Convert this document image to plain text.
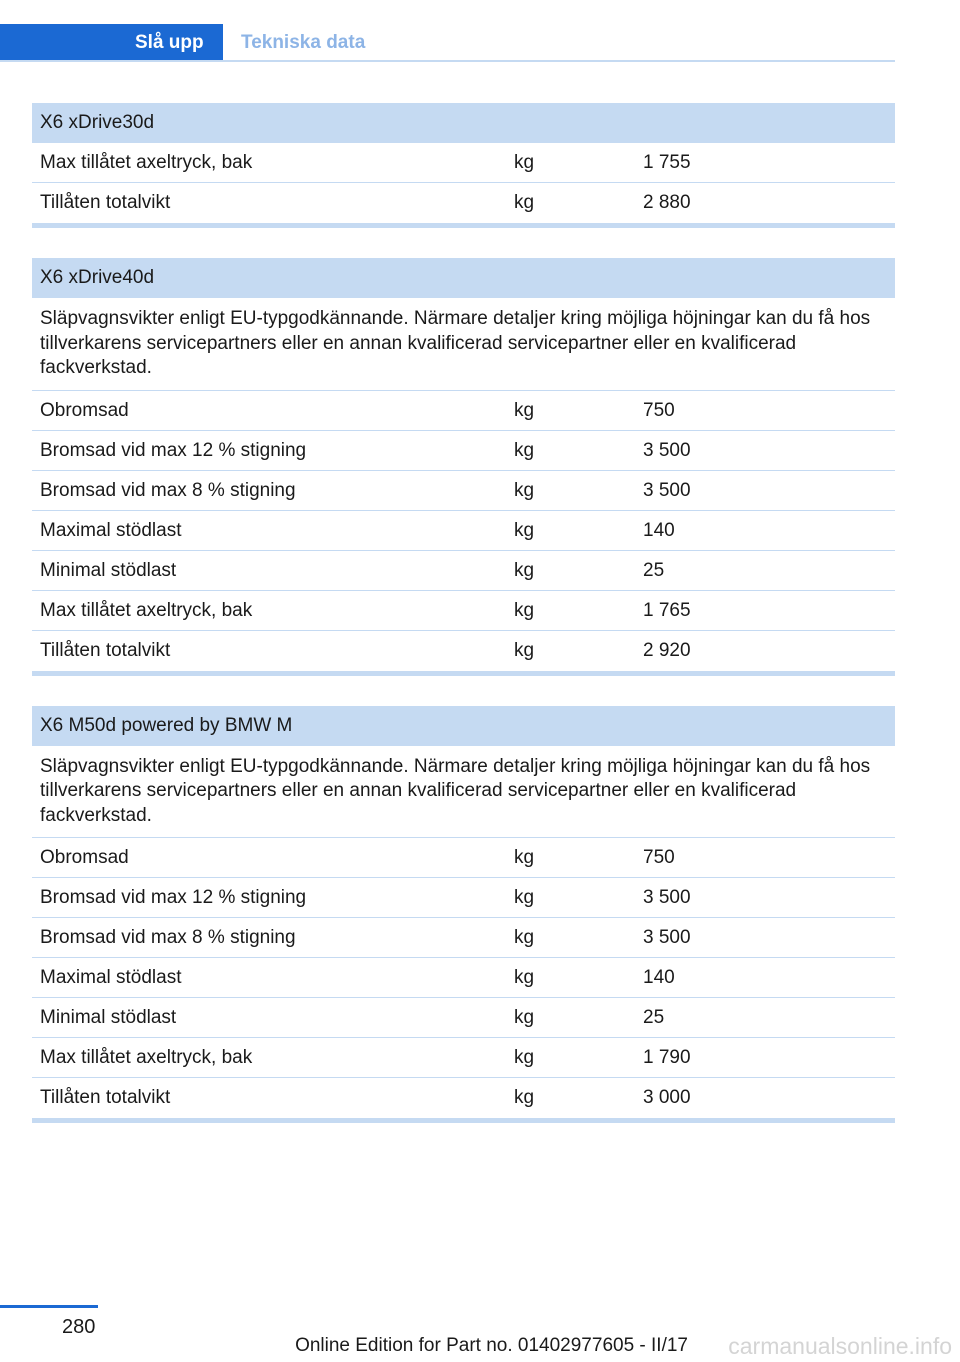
Slå upp	Tekniska data
X6 xDrive30d
Max tillåtet axeltryck, bak	kg	1 755
Tillåten totalvikt	kg	2 880
X6 xDrive40d
Släpvagnsvikter enligt EU-typgodkännande. Närmare detaljer kring möjliga höjningar kan du få hos tillverkarens servicepartners eller en annan kvalificerad servicepartner eller en kvalificerad fackverkstad.
Obromsad	kg	750
Bromsad vid max 12 % stigning	kg	3 500
Bromsad vid max 8 % stigning	kg	3 500
Maximal stödlast	kg	140
Minimal stödlast	kg	25
Max tillåtet axeltryck, bak	kg	1 765
Tillåten totalvikt	kg	2 920
X6 M50d powered by BMW M
Släpvagnsvikter enligt EU-typgodkännande. Närmare detaljer kring möjliga höjningar kan du få hos tillverkarens servicepartners eller en annan kvalificerad servicepartner eller en kvalificerad fackverkstad.
Obromsad	kg	750
Bromsad vid max 12 % stigning	kg	3 500
Bromsad vid max 8 % stigning	kg	3 500
Maximal stödlast	kg	140
Minimal stödlast	kg	25
Max tillåtet axeltryck, bak	kg	1 790
Tillåten totalvikt	kg	3 000
280
Online Edition for Part no. 01402977605 - II/17 carmanualsonline.info
